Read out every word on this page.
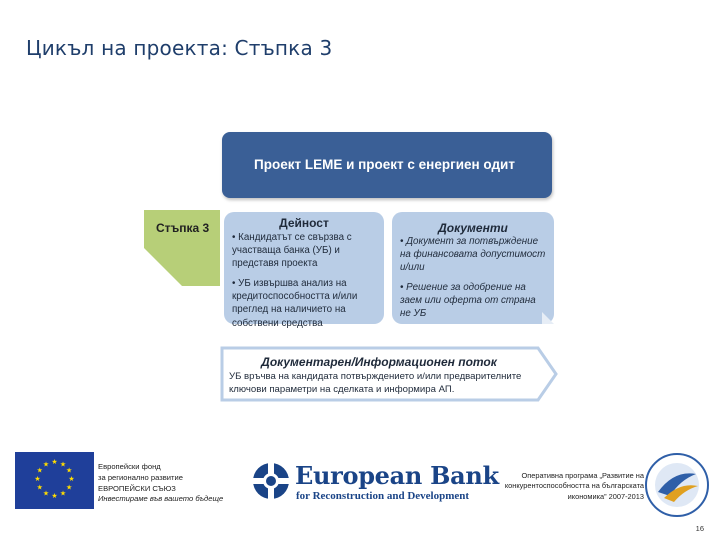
Цикъл на проекта: Стъпка 3
Проект LEME и проект с енергиен одит
Стъпка 3	Дейност

• Кандидатът се свързва с участваща банка (УБ) и представя проекта

• УБ извършва анализ на кредитоспособността и/или преглед на наличието на собствени средства

Документи

• Документ за потвърждение на финансовата допустимост и/или

• Решение за одобрение на заем или оферта от страна не УБ

Документарен/Информационен поток
УБ връчва на кандидата потвърждението и/или предварителните ключови параметри на сделката и информира АП.
★ ★
★
★
★
★
★
★
★
★
★
★	Европейски фонд
за регионално развитие
ЕВРОПЕЙСКИ СЪЮЗ
Инвестираме във вашето бъдеще
European Bank
for Reconstruction and Development
Оперативна програма „Развитие на
конкурентоспособността на българската
икономика” 2007-2013
16
